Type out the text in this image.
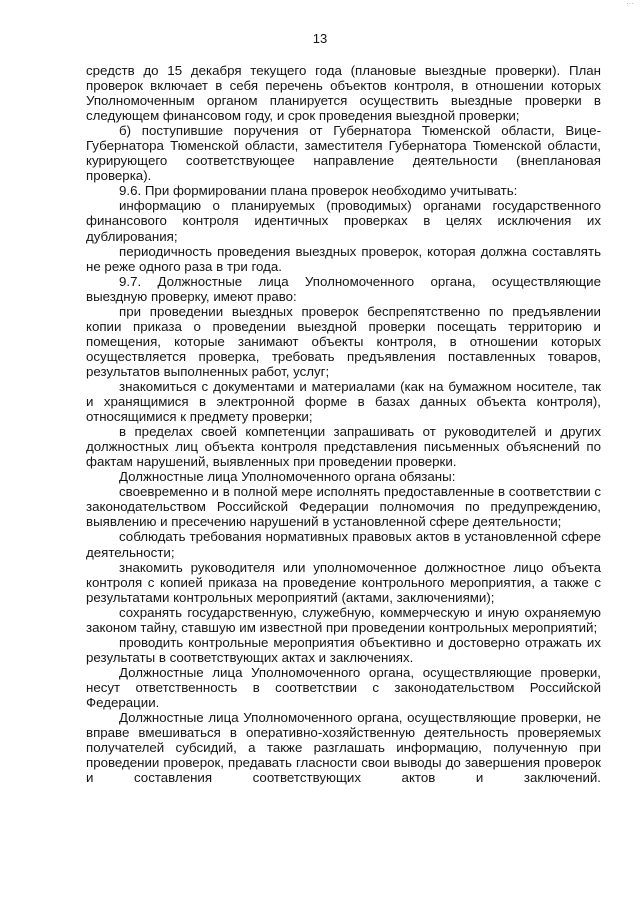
···
13

средств до 15 декабря текущего года (плановые выездные проверки). План проверок включает в себя перечень объектов контроля, в отношении которых Уполномоченным органом планируется осуществить выездные проверки в следующем финансовом году, и срок проведения выездной проверки;

б) поступившие поручения от Губернатора Тюменской области, Вице-Губернатора Тюменской области, заместителя Губернатора Тюменской области, курирующего соответствующее направление деятельности (внеплановая проверка).

9.6. При формировании плана проверок необходимо учитывать:

информацию о планируемых (проводимых) органами государственного финансового контроля идентичных проверках в целях исключения их дублирования;

периодичность проведения выездных проверок, которая должна составлять не реже одного раза в три года.

9.7. Должностные лица Уполномоченного органа, осуществляющие выездную проверку, имеют право:

при проведении выездных проверок беспрепятственно по предъявлении копии приказа о проведении выездной проверки посещать территорию и помещения, которые занимают объекты контроля, в отношении которых осуществляется проверка, требовать предъявления поставленных товаров, результатов выполненных работ, услуг;

знакомиться с документами и материалами (как на бумажном носителе, так и хранящимися в электронной форме в базах данных объекта контроля), относящимися к предмету проверки;

в пределах своей компетенции запрашивать от руководителей и других должностных лиц объекта контроля представления письменных объяснений по фактам нарушений, выявленных при проведении проверки.

Должностные лица Уполномоченного органа обязаны:

своевременно и в полной мере исполнять предоставленные в соответствии с законодательством Российской Федерации полномочия по предупреждению, выявлению и пресечению нарушений в установленной сфере деятельности;

соблюдать требования нормативных правовых актов в установленной сфере деятельности;

знакомить руководителя или уполномоченное должностное лицо объекта контроля с копией приказа на проведение контрольного мероприятия, а также с результатами контрольных мероприятий (актами, заключениями);

сохранять государственную, служебную, коммерческую и иную охраняемую законом тайну, ставшую им известной при проведении контрольных мероприятий;

проводить контрольные мероприятия объективно и достоверно отражать их результаты в соответствующих актах и заключениях.

Должностные лица Уполномоченного органа, осуществляющие проверки, несут ответственность в соответствии с законодательством Российской Федерации.

Должностные лица Уполномоченного органа, осуществляющие проверки, не вправе вмешиваться в оперативно-хозяйственную деятельность проверяемых получателей субсидий, а также разглашать информацию, полученную при проведении проверок, предавать гласности свои выводы до завершения проверок и составления соответствующих актов и заключений.
